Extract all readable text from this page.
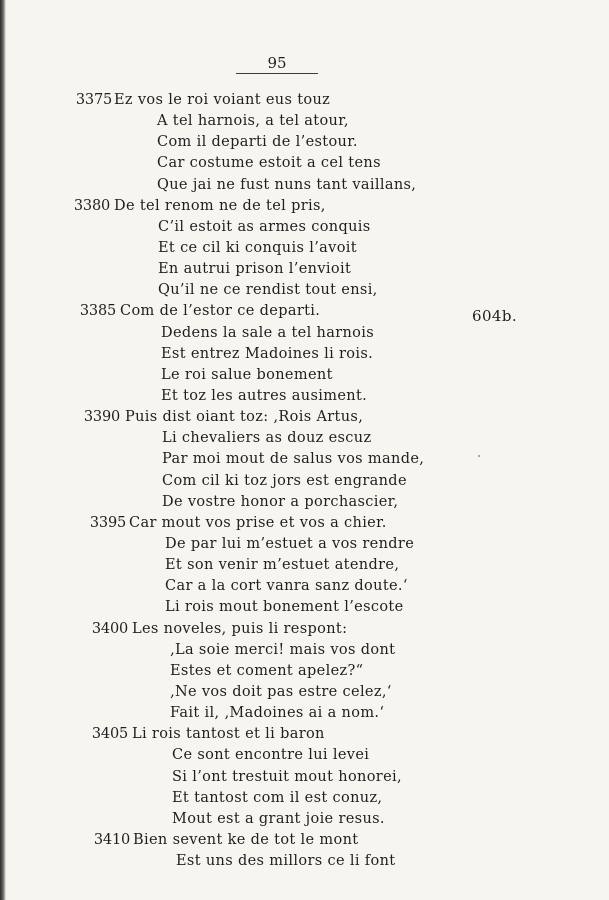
95
3375 Ez vos le roi voiant eus touz
A tel harnois, a tel atour,
Com il departi de l’estour.
Car costume estoit a cel tens
Que jai ne fust nuns tant vaillans,
3380 De tel renom ne de tel pris,
C’il estoit as armes conquis
Et ce cil ki conquis l’avoit
En autrui prison l’envioit
Qu’il ne ce rendist tout ensi,
3385 Com de l’estor ce departi.
Dedens la sale a tel harnois
Est entrez Madoines li rois.
Le roi salue bonement
Et toz les autres ausiment.
3390 Puis dist oiant toz: ‚Rois Artus,
Li chevaliers as douz escuz
Par moi mout de salus vos mande,
Com cil ki toz jors est engrande
De vostre honor a porchascier,
3395 Car mout vos prise et vos a chier.
De par lui m’estuet a vos rendre
Et son venir m’estuet atendre,
Car a la cort vanra sanz doute.‘
Li rois mout bonement l’escote
3400 Les noveles, puis li respont:
‚La soie merci! mais vos dont
Estes et coment apelez?“
‚Ne vos doit pas estre celez,‘
Fait il, ‚Madoines ai a nom.‘
3405 Li rois tantost et li baron
Ce sont encontre lui levei
Si l’ont trestuit mout honorei,
Et tantost com il est conuz,
Mout est a grant joie resus.
3410 Bien sevent ke de tot le mont
Est uns des millors ce li font
604b.
